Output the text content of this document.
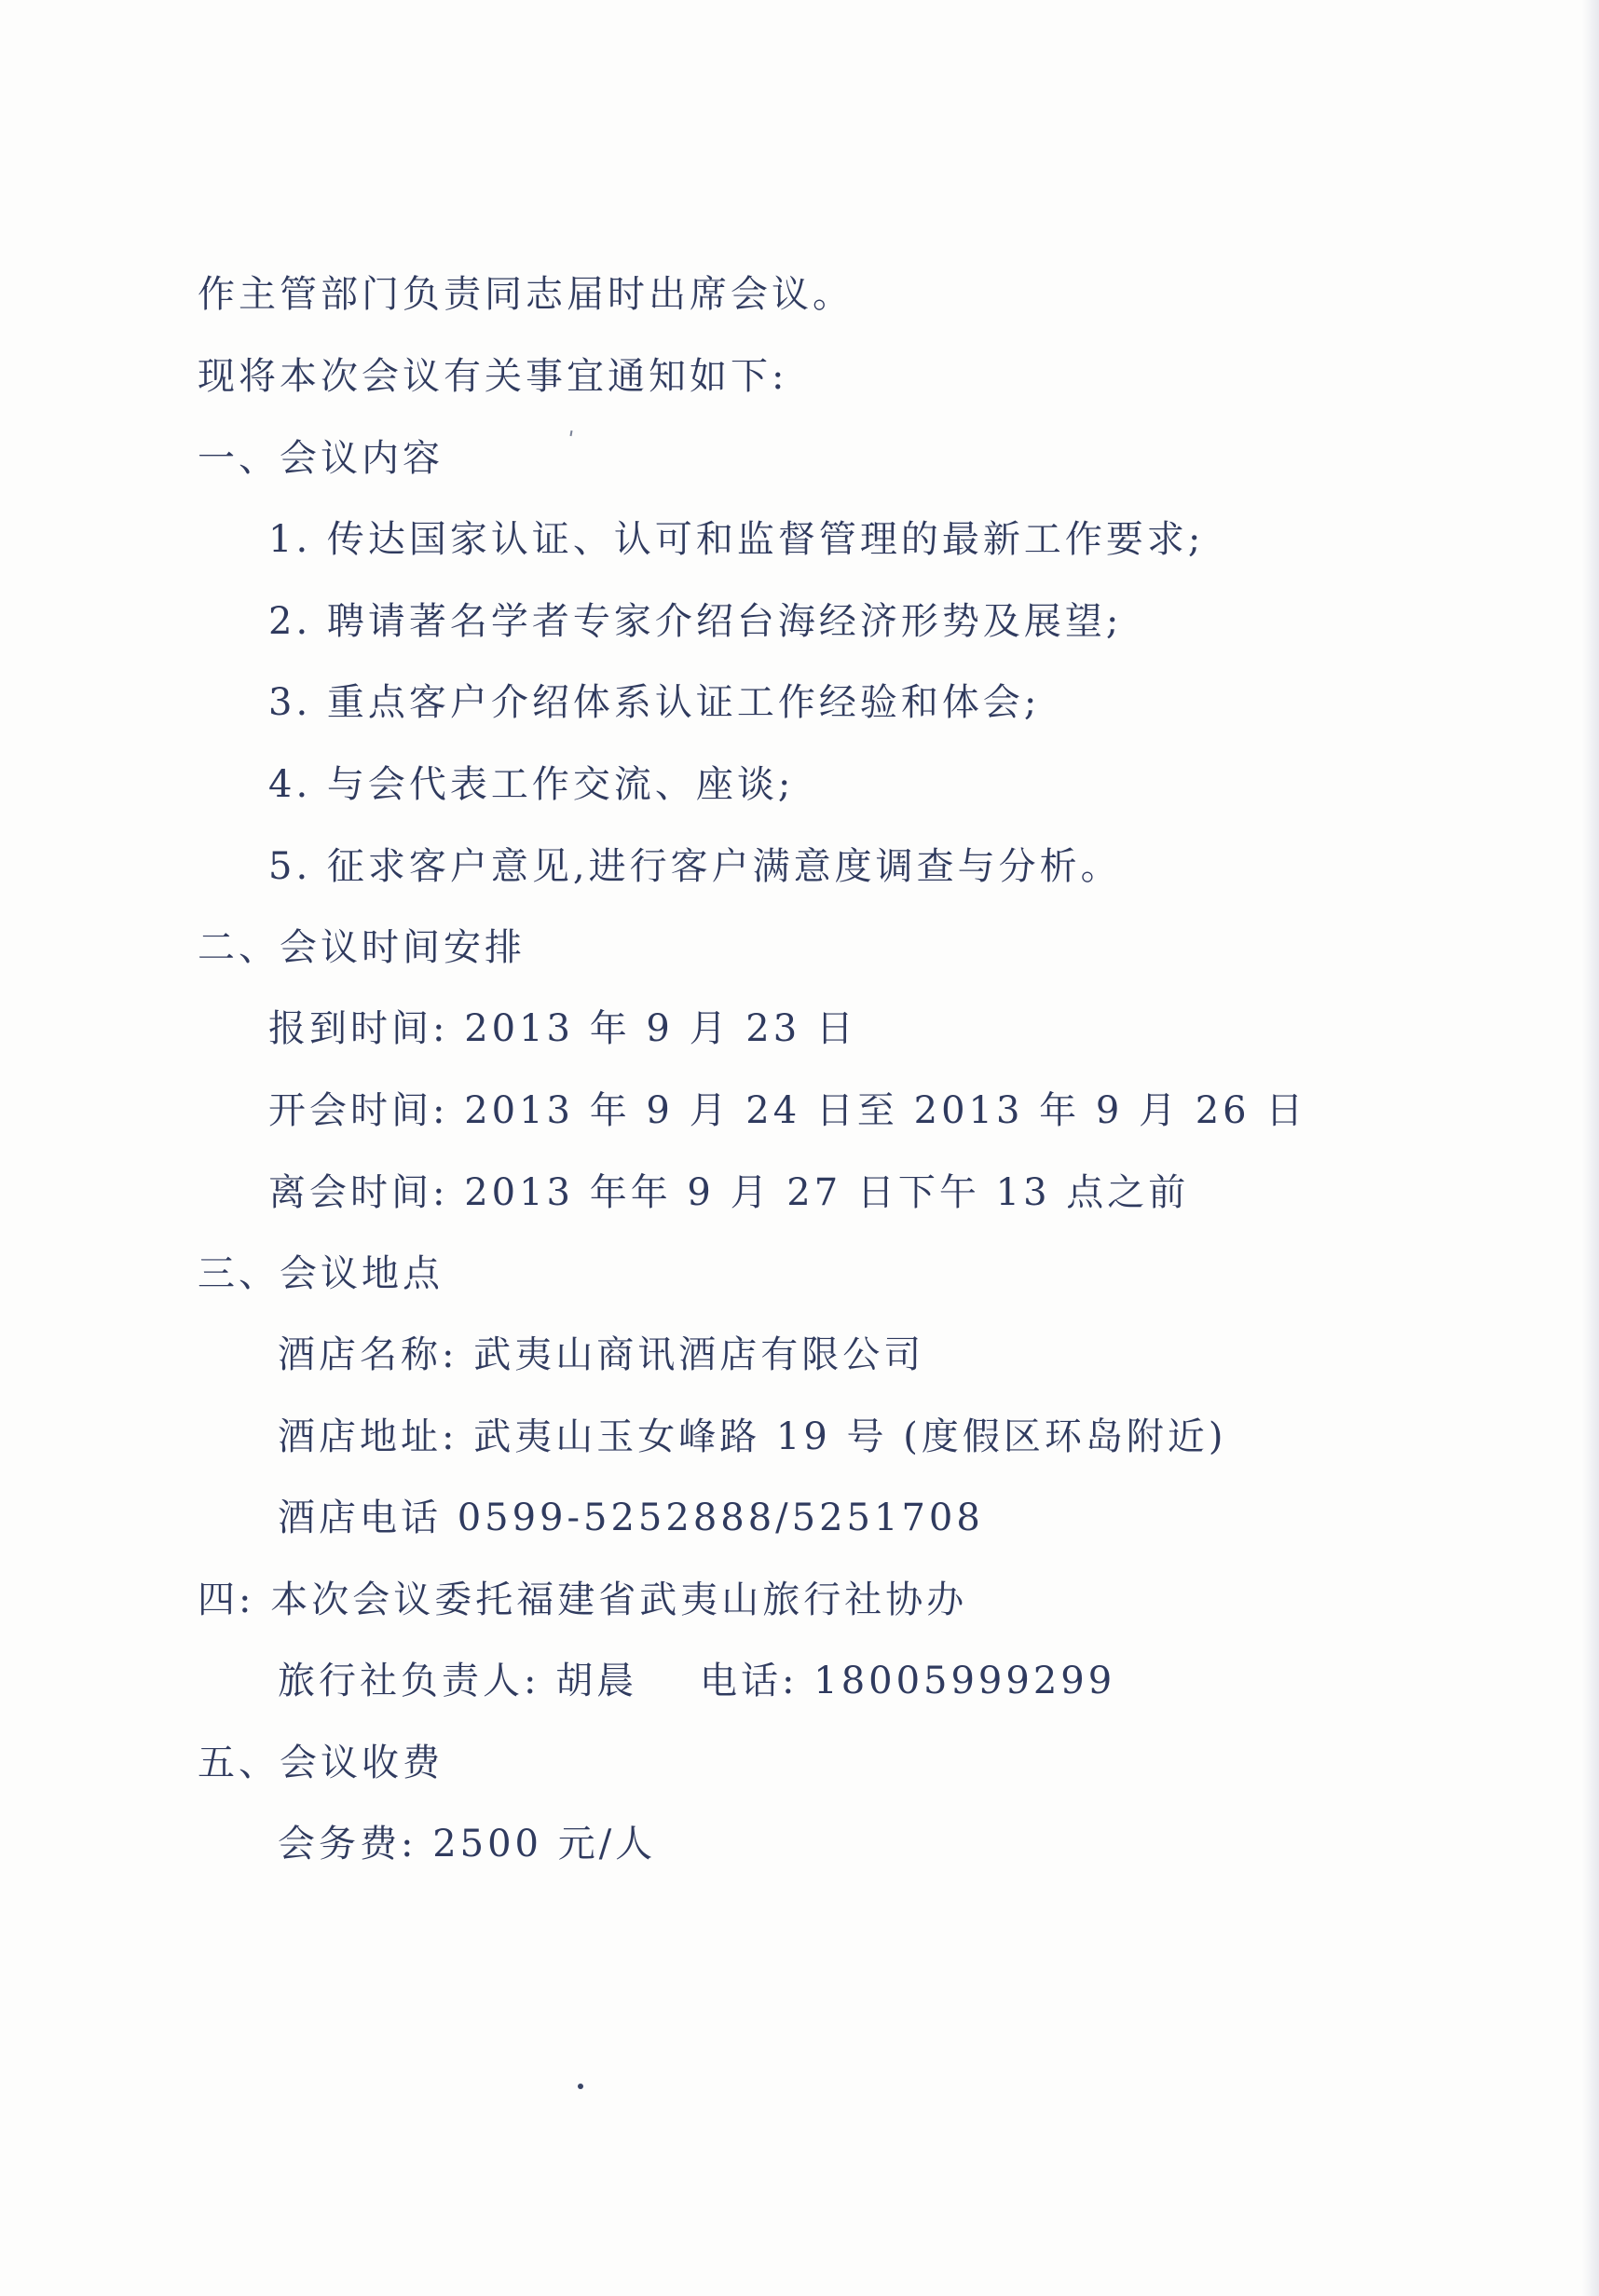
作主管部门负责同志届时出席会议。
现将本次会议有关事宜通知如下:
一、会议内容
1. 传达国家认证、认可和监督管理的最新工作要求;
2. 聘请著名学者专家介绍台海经济形势及展望;
3. 重点客户介绍体系认证工作经验和体会;
4. 与会代表工作交流、座谈;
5. 征求客户意见,进行客户满意度调查与分析。
二、会议时间安排
报到时间: 2013 年 9 月 23 日
开会时间: 2013 年 9 月 24 日至 2013 年 9 月 26 日
离会时间: 2013 年年 9 月 27 日下午 13 点之前
三、会议地点
酒店名称: 武夷山商讯酒店有限公司
酒店地址: 武夷山玉女峰路 19 号 (度假区环岛附近)
酒店电话 0599-5252888/5251708
四: 本次会议委托福建省武夷山旅行社协办
旅行社负责人: 胡晨    电话: 18005999299
五、会议收费
会务费: 2500 元/人
